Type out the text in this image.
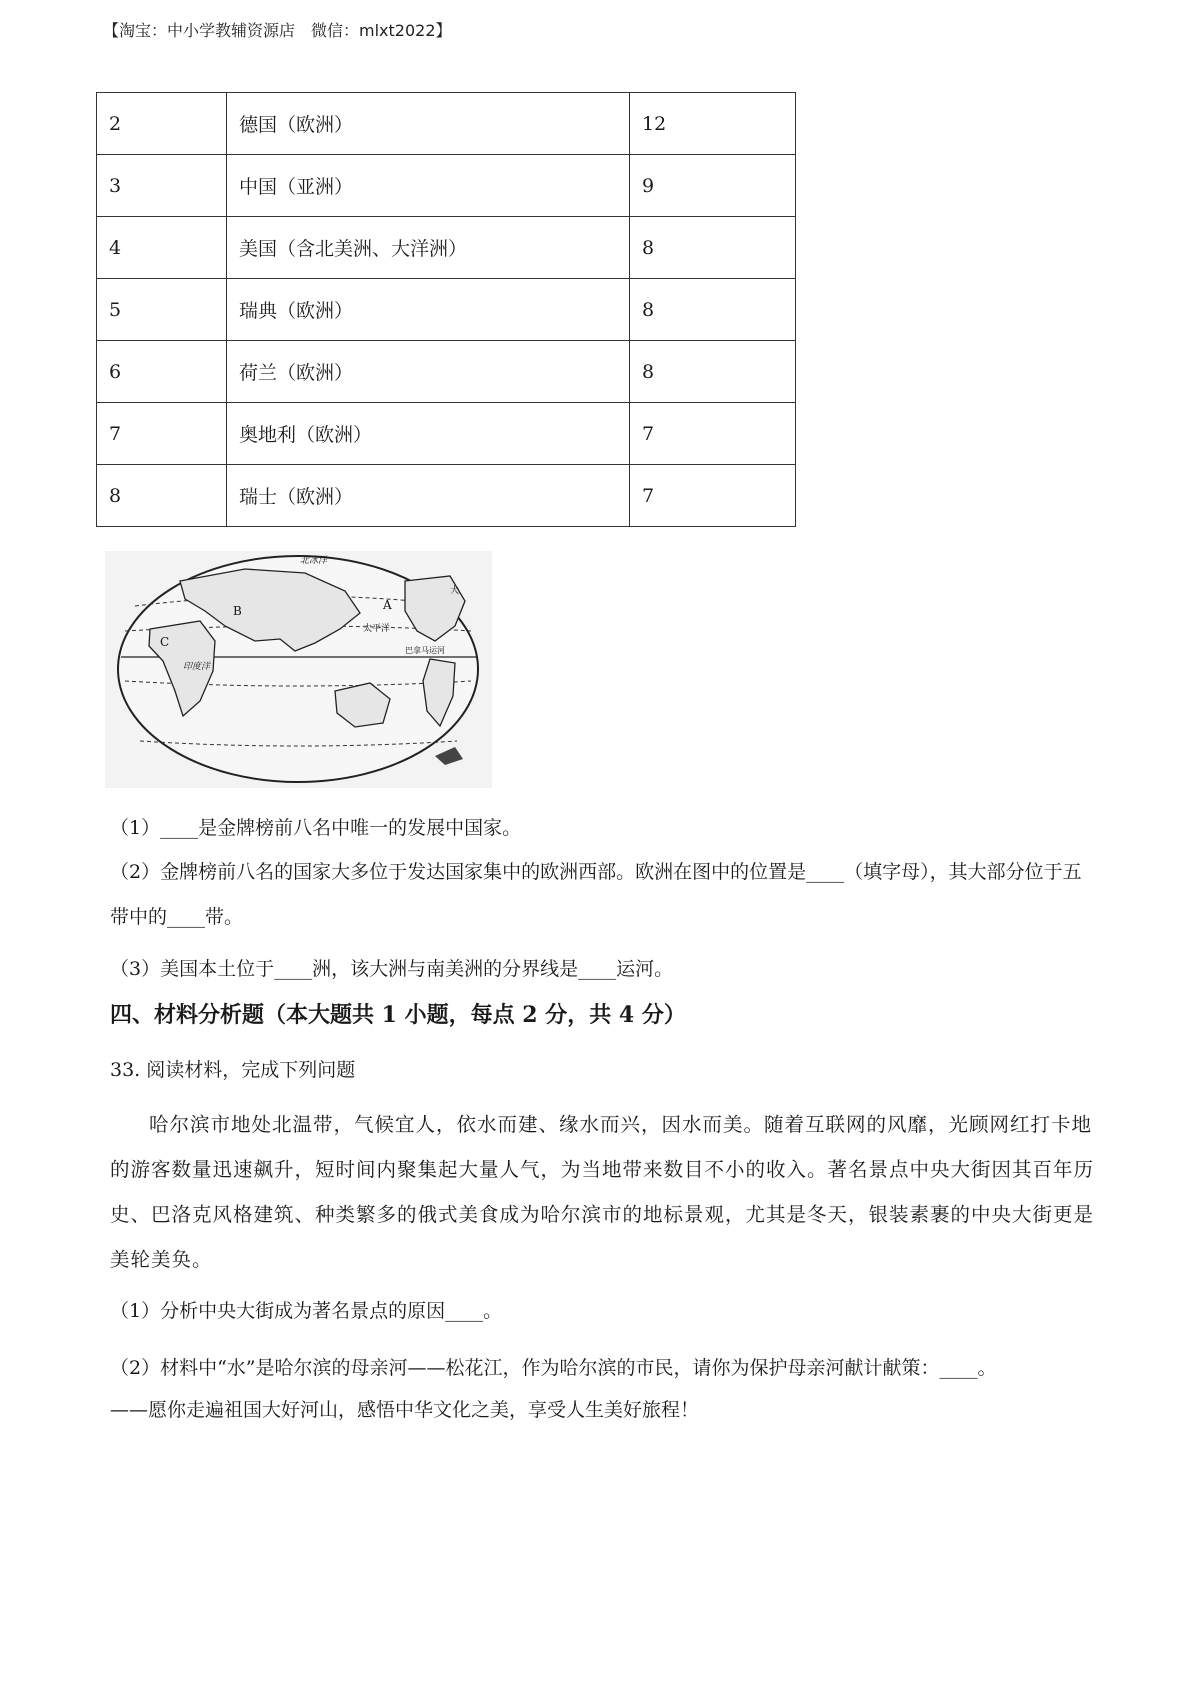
【淘宝：中小学教辅资源店　微信：mlxt2022】
2	德国（欧洲）	12
3	中国（亚洲）	9
4	美国（含北美洲、大洋洲）	8
5	瑞典（欧洲）	8
6	荷兰（欧洲）	8
7	奥地利（欧洲）	7
8	瑞士（欧洲）	7
B
C
A
北冰洋
印度洋
太平洋
大
巴拿马运河
（1）____是金牌榜前八名中唯一的发展中国家。
（2）金牌榜前八名的国家大多位于发达国家集中的欧洲西部。欧洲在图中的位置是____（填字母），其大部分位于五带中的____带。
（3）美国本土位于____洲，该大洲与南美洲的分界线是____运河。
四、材料分析题（本大题共 1 小题，每点 2 分，共 4 分）
33. 阅读材料，完成下列问题
哈尔滨市地处北温带，气候宜人，依水而建、缘水而兴，因水而美。随着互联网的风靡，光顾网红打卡地的游客数量迅速飙升，短时间内聚集起大量人气，为当地带来数目不小的收入。著名景点中央大街因其百年历史、巴洛克风格建筑、种类繁多的俄式美食成为哈尔滨市的地标景观，尤其是冬天，银装素裹的中央大街更是美轮美奂。
（1）分析中央大街成为著名景点的原因____。
（2）材料中“水”是哈尔滨的母亲河——松花江，作为哈尔滨的市民，请你为保护母亲河献计献策：____。
——愿你走遍祖国大好河山，感悟中华文化之美，享受人生美好旅程！
